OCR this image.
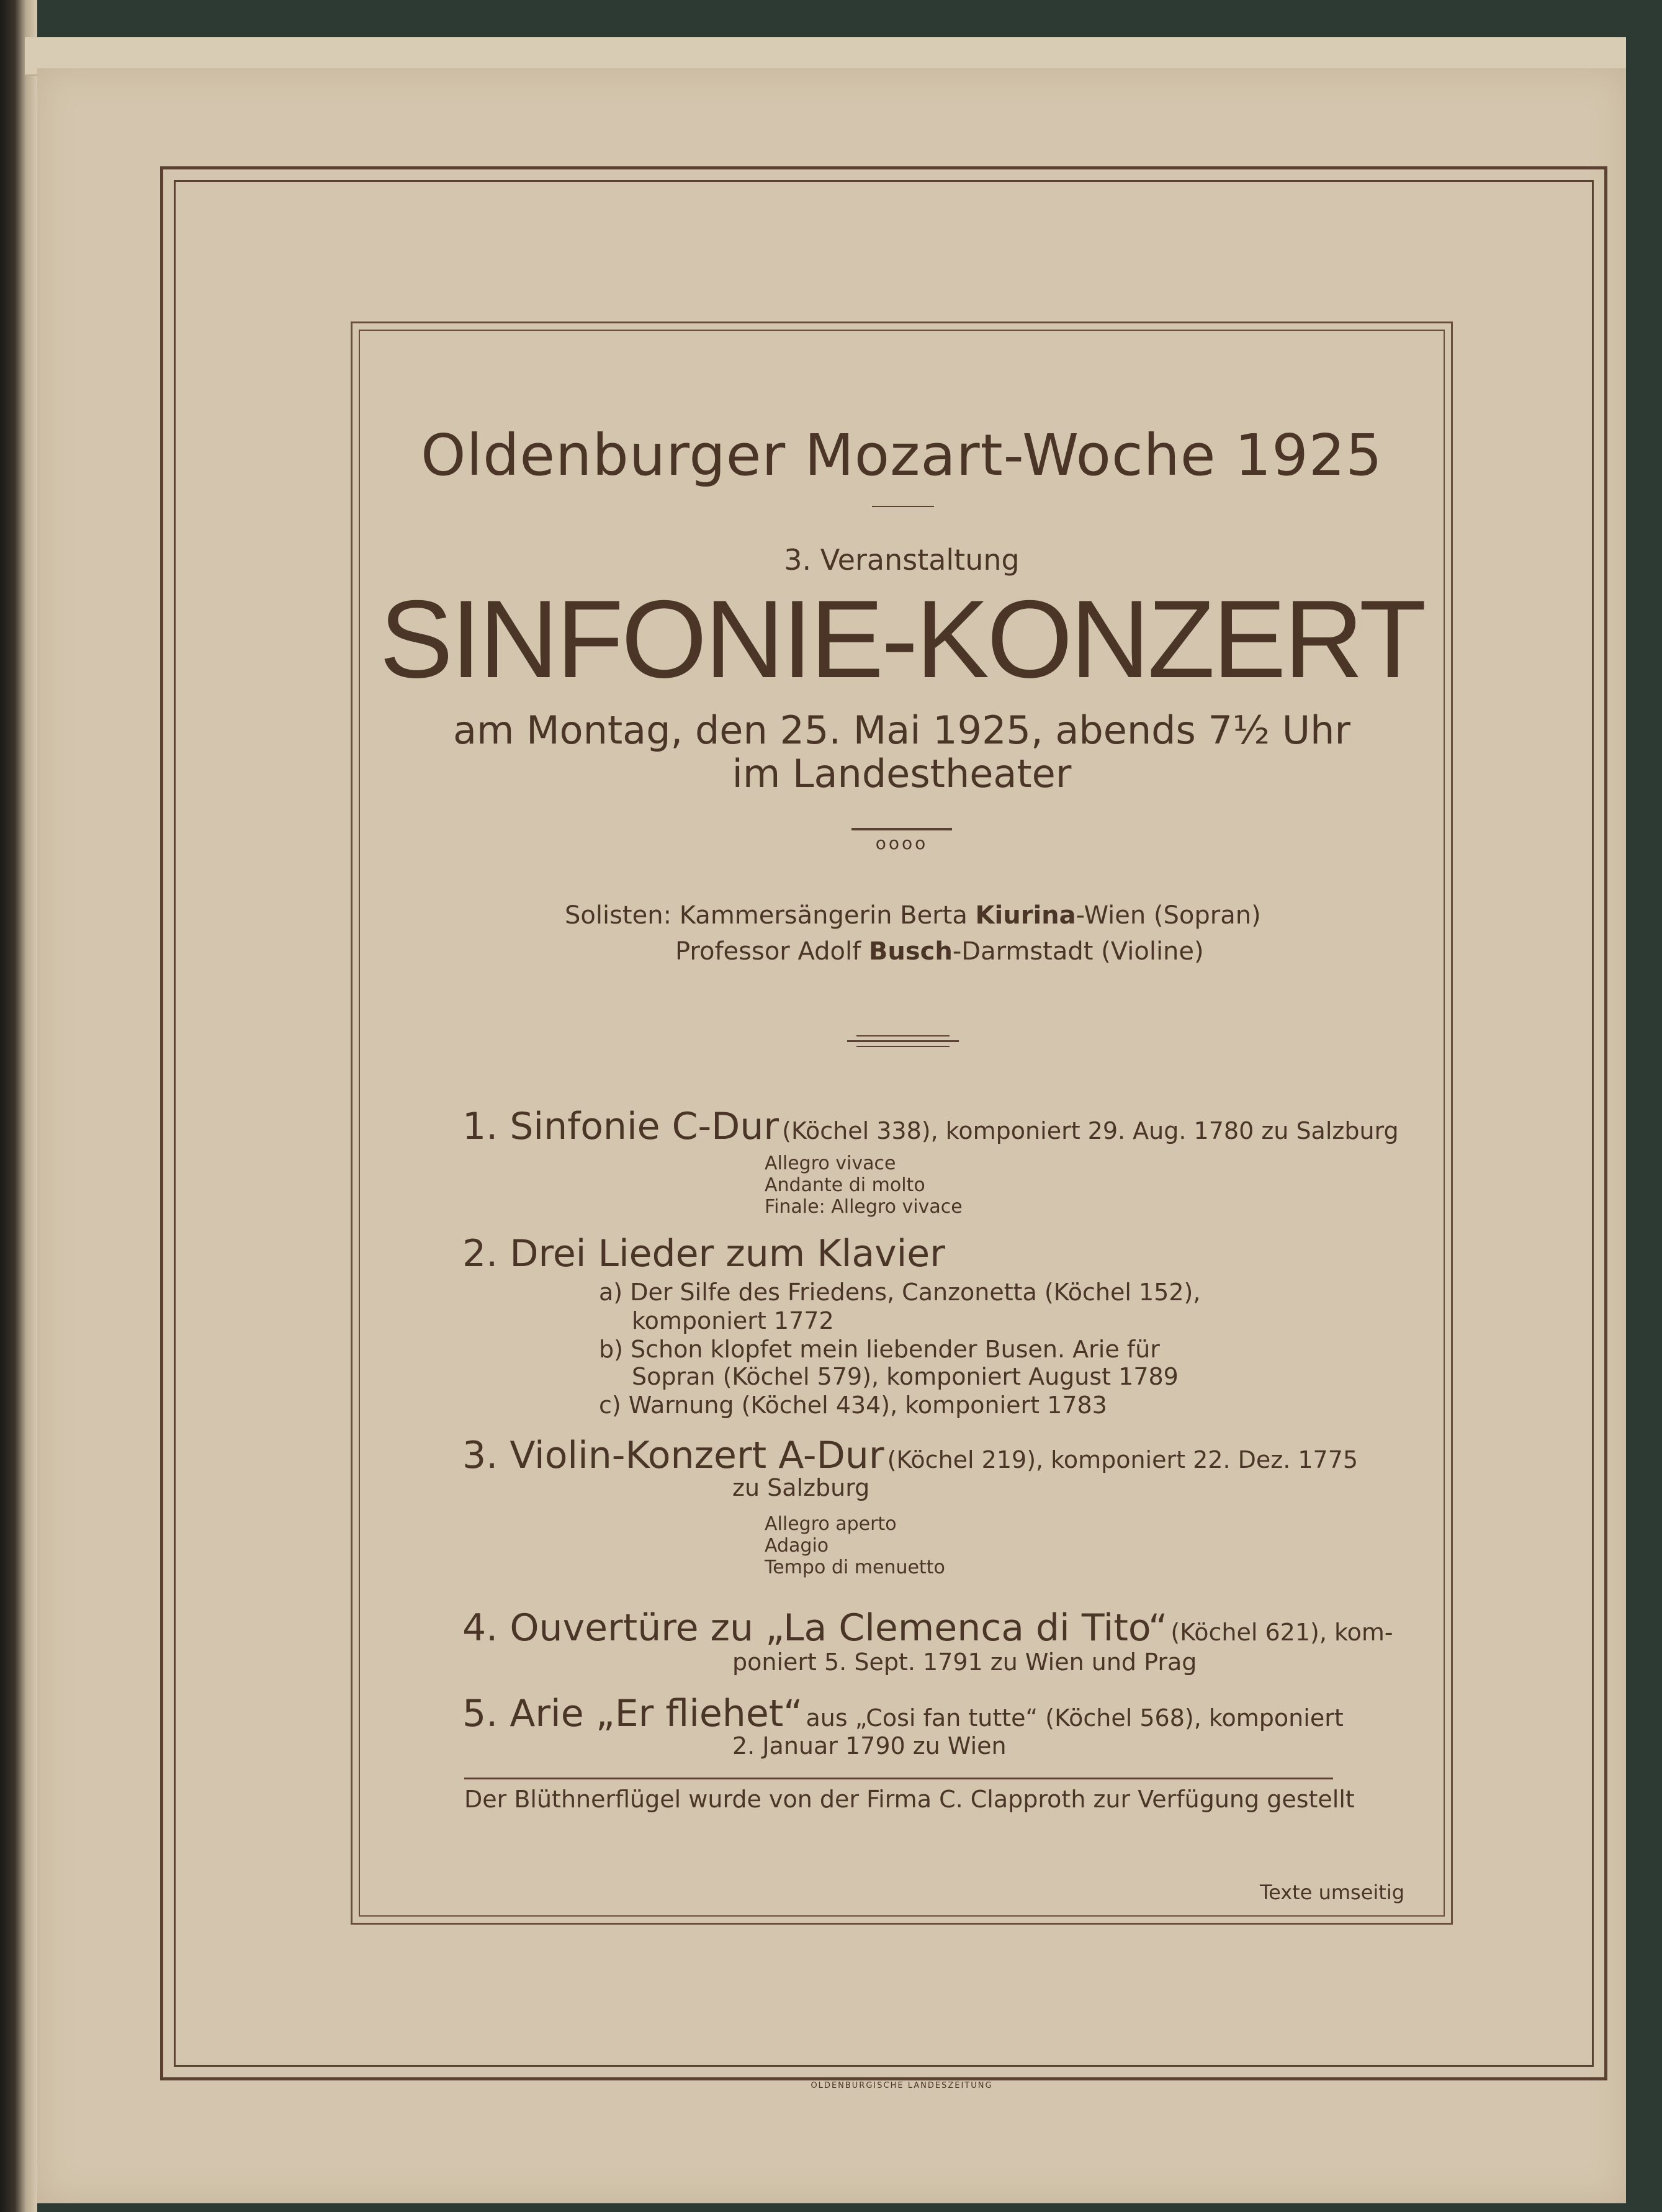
Oldenburger Mozart-Woche 1925
3. Veranstaltung
SINFONIE-KONZERT
am Montag, den 25. Mai 1925, abends 7½ Uhr
im Landestheater
oooo
Solisten: Kammersängerin Berta Kiurina-Wien (Sopran)
Professor Adolf Busch-Darmstadt (Violine)
1. Sinfonie C-Dur (Köchel 338), komponiert 29. Aug. 1780 zu Salzburg
Allegro vivace
Andante di molto
Finale: Allegro vivace
2. Drei Lieder zum Klavier
a) Der Silfe des Friedens, Canzonetta (Köchel 152),
komponiert 1772
b) Schon klopfet mein liebender Busen. Arie für
Sopran (Köchel 579), komponiert August 1789
c) Warnung (Köchel 434), komponiert 1783
3. Violin-Konzert A-Dur (Köchel 219), komponiert 22. Dez. 1775
zu Salzburg
Allegro aperto
Adagio
Tempo di menuetto
4. Ouvertüre zu „La Clemenca di Tito“ (Köchel 621), kom-
poniert 5. Sept. 1791 zu Wien und Prag
5. Arie „Er fliehet“ aus „Cosi fan tutte“ (Köchel 568), komponiert
2. Januar 1790 zu Wien
Der Blüthnerflügel wurde von der Firma C. Clapproth zur Verfügung gestellt
Texte umseitig
OLDENBURGISCHE LANDESZEITUNG
